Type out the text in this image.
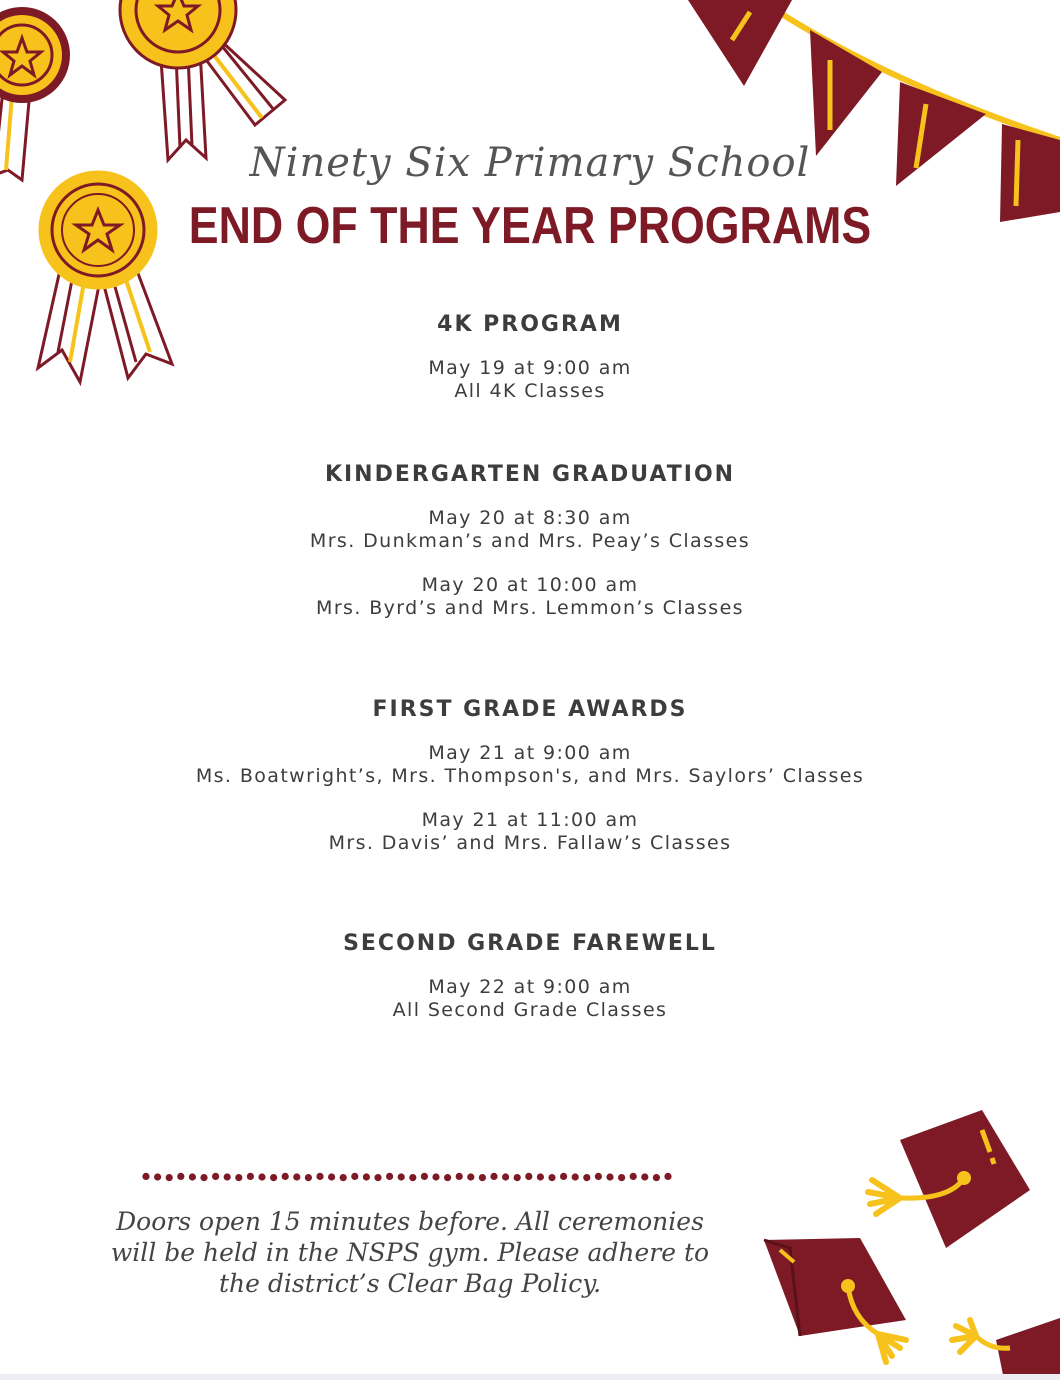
Ninety Six Primary School
END OF THE YEAR PROGRAMS
4K PROGRAM
May 19 at 9:00 am
All 4K Classes
KINDERGARTEN GRADUATION
May 20 at 8:30 am
Mrs. Dunkman’s and Mrs. Peay’s Classes
May 20 at 10:00 am
Mrs. Byrd’s and Mrs. Lemmon’s Classes
FIRST GRADE AWARDS
May 21 at 9:00 am
Ms. Boatwright’s, Mrs. Thompson's, and Mrs. Saylors’ Classes
May 21 at 11:00 am
Mrs. Davis’ and Mrs. Fallaw’s Classes
SECOND GRADE FAREWELL
May 22 at 9:00 am
All Second Grade Classes
Doors open 15 minutes before. All ceremonies
will be held in the NSPS gym. Please adhere to
the district’s Clear Bag Policy.
